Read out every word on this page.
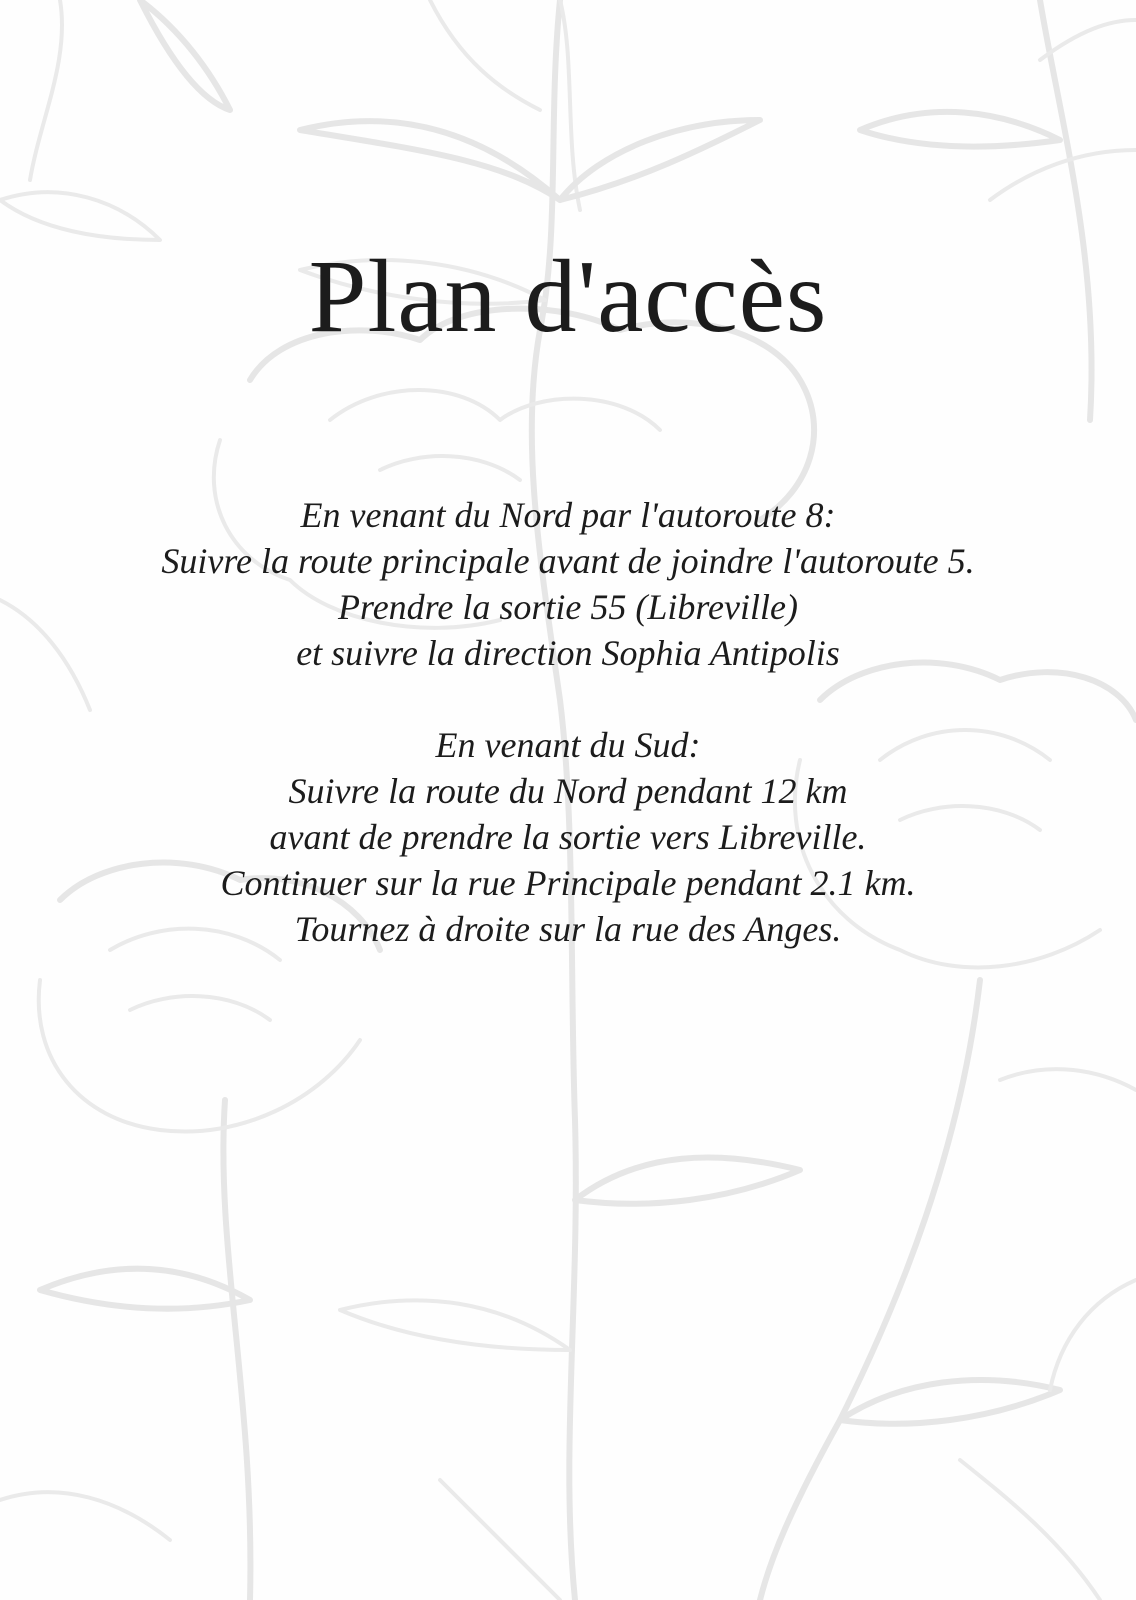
Plan d'accès

En venant du Nord par l'autoroute 8:
Suivre la route principale avant de joindre l'autoroute 5.
Prendre la sortie 55 (Libreville)
et suivre la direction Sophia Antipolis

En venant du Sud:
Suivre la route du Nord pendant 12 km
avant de prendre la sortie vers Libreville.
Continuer sur la rue Principale pendant 2.1 km.
Tournez à droite sur la rue des Anges.
